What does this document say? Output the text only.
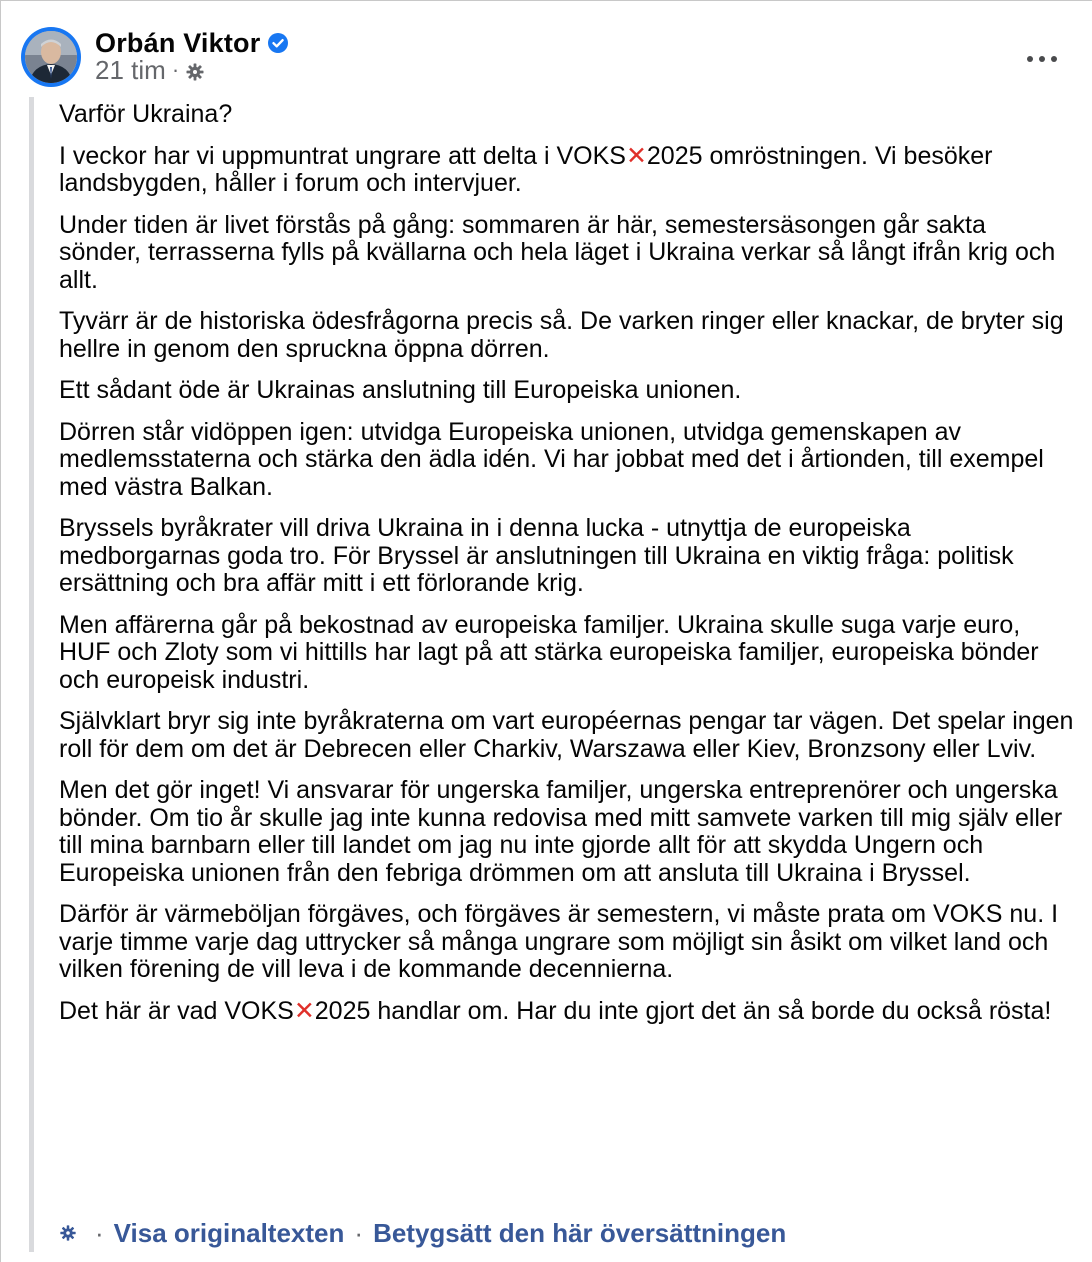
Orbán Viktor
21 tim ·

Varför Ukraina?

I veckor har vi uppmuntrat ungrare att delta i VOKS✕2025 omröstningen. Vi besöker landsbygden, håller i forum och intervjuer.

Under tiden är livet förstås på gång: sommaren är här, semestersäsongen går sakta sönder, terrasserna fylls på kvällarna och hela läget i Ukraina verkar så långt ifrån krig och allt.

Tyvärr är de historiska ödesfrågorna precis så. De varken ringer eller knackar, de bryter sig hellre in genom den spruckna öppna dörren.

Ett sådant öde är Ukrainas anslutning till Europeiska unionen.

Dörren står vidöppen igen: utvidga Europeiska unionen, utvidga gemenskapen av medlemsstaterna och stärka den ädla idén. Vi har jobbat med det i årtionden, till exempel med västra Balkan.

Bryssels byråkrater vill driva Ukraina in i denna lucka - utnyttja de europeiska medborgarnas goda tro. För Bryssel är anslutningen till Ukraina en viktig fråga: politisk ersättning och bra affär mitt i ett förlorande krig.

Men affärerna går på bekostnad av europeiska familjer. Ukraina skulle suga varje euro, HUF och Zloty som vi hittills har lagt på att stärka europeiska familjer, europeiska bönder och europeisk industri.

Självklart bryr sig inte byråkraterna om vart européernas pengar tar vägen. Det spelar ingen roll för dem om det är Debrecen eller Charkiv, Warszawa eller Kiev, Bronzsony eller Lviv.

Men det gör inget! Vi ansvarar för ungerska familjer, ungerska entreprenörer och ungerska bönder. Om tio år skulle jag inte kunna redovisa med mitt samvete varken till mig själv eller till mina barnbarn eller till landet om jag nu inte gjorde allt för att skydda Ungern och Europeiska unionen från den febriga drömmen om att ansluta till Ukraina i Bryssel.

Därför är värmeböljan förgäves, och förgäves är semestern, vi måste prata om VOKS nu. I varje timme varje dag uttrycker så många ungrare som möjligt sin åsikt om vilket land och vilken förening de vill leva i de kommande decennierna.

Det här är vad VOKS✕2025 handlar om. Har du inte gjort det än så borde du också rösta!

· Visa originaltexten · Betygsätt den här översättningen
